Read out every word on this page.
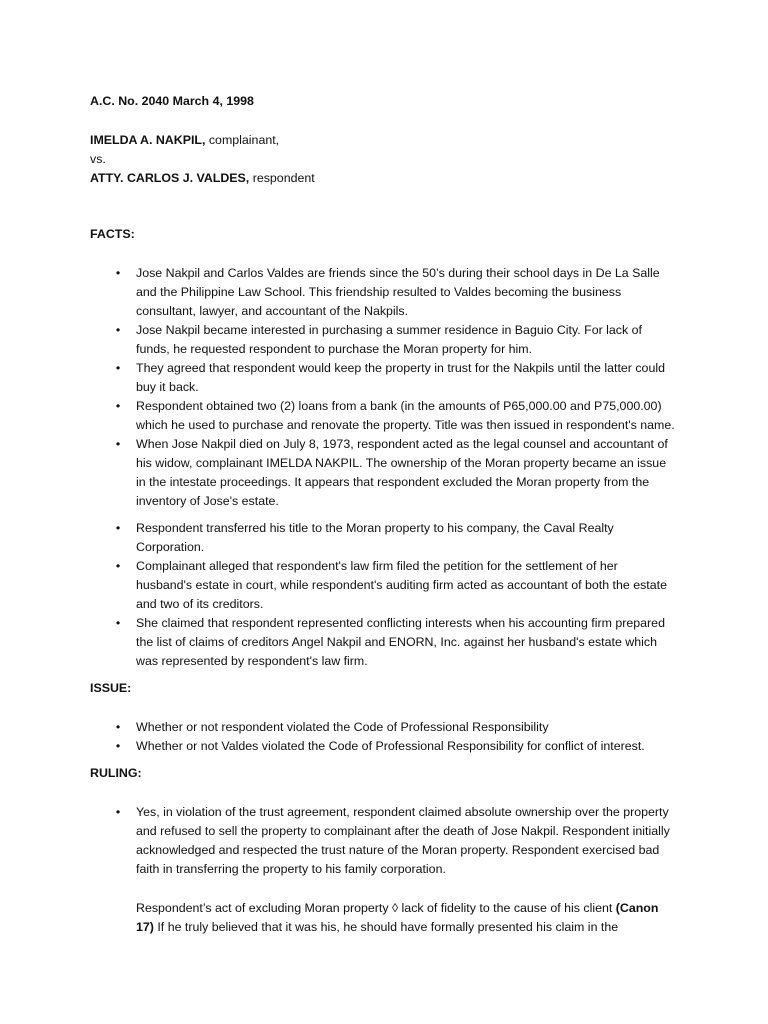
A.C. No. 2040 March 4, 1998

IMELDA A. NAKPIL, complainant,

vs.

ATTY. CARLOS J. VALDES, respondent

FACTS:

• Jose Nakpil and Carlos Valdes are friends since the 50’s during their school days in De La Salle and the Philippine Law School. This friendship resulted to Valdes becoming the business consultant, lawyer, and accountant of the Nakpils.
• Jose Nakpil became interested in purchasing a summer residence in Baguio City. For lack of funds, he requested respondent to purchase the Moran property for him.
• They agreed that respondent would keep the property in trust for the Nakpils until the latter could buy it back.
• Respondent obtained two (2) loans from a bank (in the amounts of P65,000.00 and P75,000.00) which he used to purchase and renovate the property. Title was then issued in respondent's name.
• When Jose Nakpil died on July 8, 1973, respondent acted as the legal counsel and accountant of his widow, complainant IMELDA NAKPIL. The ownership of the Moran property became an issue in the intestate proceedings. It appears that respondent excluded the Moran property from the inventory of Jose's estate.
• Respondent transferred his title to the Moran property to his company, the Caval Realty Corporation.
• Complainant alleged that respondent's law firm filed the petition for the settlement of her husband's estate in court, while respondent's auditing firm acted as accountant of both the estate and two of its creditors.
• She claimed that respondent represented conflicting interests when his accounting firm prepared the list of claims of creditors Angel Nakpil and ENORN, Inc. against her husband's estate which was represented by respondent's law firm.

ISSUE:

• Whether or not respondent violated the Code of Professional Responsibility
• Whether or not Valdes violated the Code of Professional Responsibility for conflict of interest.

RULING:

• Yes, in violation of the trust agreement, respondent claimed absolute ownership over the property and refused to sell the property to complainant after the death of Jose Nakpil. Respondent initially acknowledged and respected the trust nature of the Moran property. Respondent exercised bad faith in transferring the property to his family corporation.

Respondent’s act of excluding Moran property ◊ lack of fidelity to the cause of his client (Canon 17) If he truly believed that it was his, he should have formally presented his claim in the
